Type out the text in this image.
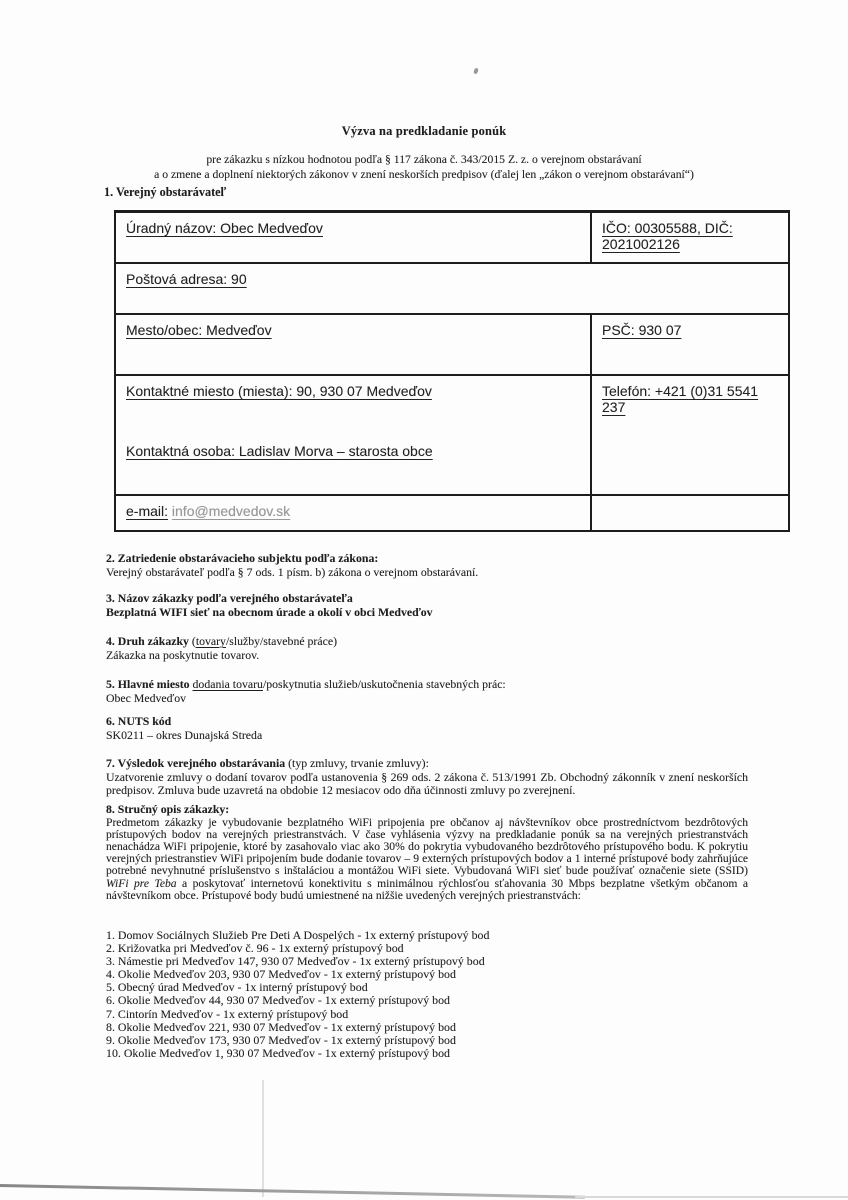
Výzva na predkladanie ponúk
pre zákazku s nízkou hodnotou podľa § 117 zákona č. 343/2015 Z. z. o verejnom obstarávaní
a o zmene a doplnení niektorých zákonov v znení neskorších predpisov (ďalej len „zákon o verejnom obstarávaní“)
1. Verejný obstarávateľ
Úradný názov: Obec Medveďov	IČO: 00305588, DIČ: 2021002126
Poštová adresa: 90
Mesto/obec: Medveďov	PSČ: 930 07
Kontaktné miesto (miesta): 90, 930 07 Medveďov
Kontaktná osoba: Ladislav Morva – starosta obce
Telefón: +421 (0)31 5541 237
e-mail: info@medvedov.sk
2. Zatriedenie obstarávacieho subjektu podľa zákona:
Verejný obstarávateľ podľa § 7 ods. 1 písm. b) zákona o verejnom obstarávaní.
3. Názov zákazky podľa verejného obstarávateľa
Bezplatná WIFI sieť na obecnom úrade a okolí v obci Medveďov
4. Druh zákazky (tovary/služby/stavebné práce)
Zákazka na poskytnutie tovarov.
5. Hlavné miesto dodania tovaru/poskytnutia služieb/uskutočnenia stavebných prác:
Obec Medveďov
6. NUTS kód
SK0211 – okres Dunajská Streda
7. Výsledok verejného obstarávania (typ zmluvy, trvanie zmluvy):
Uzatvorenie zmluvy o dodaní tovarov podľa ustanovenia § 269 ods. 2 zákona č. 513/1991 Zb. Obchodný zákonník v znení neskorších predpisov. Zmluva bude uzavretá na obdobie 12 mesiacov odo dňa účinnosti zmluvy po zverejnení.
8. Stručný opis zákazky:
Predmetom zákazky je vybudovanie bezplatného WiFi pripojenia pre občanov aj návštevníkov obce prostredníctvom bezdrôtových prístupových bodov na verejných priestranstvách. V čase vyhlásenia výzvy na predkladanie ponúk sa na verejných priestranstvách nenachádza WiFi pripojenie, ktoré by zasahovalo viac ako 30% do pokrytia vybudovaného bezdrôtového prístupového bodu. K pokrytiu verejných priestranstiev WiFi pripojením bude dodanie tovarov – 9 externých prístupových bodov a 1 interné prístupové body zahrňujúce potrebné nevyhnutné príslušenstvo s inštaláciou a montážou WiFi siete. Vybudovaná WiFi sieť bude používať označenie siete (SSID) WiFi pre Teba a poskytovať internetovú konektivitu s minimálnou rýchlosťou sťahovania 30 Mbps bezplatne všetkým občanom a návštevníkom obce. Prístupové body budú umiestnené na nižšie uvedených verejných priestranstvách:
1. Domov Sociálnych Služieb Pre Deti A Dospelých - 1x externý prístupový bod
2. Križovatka pri Medveďov č. 96 - 1x externý prístupový bod
3. Námestie pri Medveďov 147, 930 07 Medveďov - 1x externý prístupový bod
4. Okolie Medveďov 203, 930 07 Medveďov - 1x externý prístupový bod
5. Obecný úrad Medveďov - 1x interný prístupový bod
6. Okolie Medveďov 44, 930 07 Medveďov - 1x externý prístupový bod
7. Cintorín Medveďov - 1x externý prístupový bod
8. Okolie Medveďov 221, 930 07 Medveďov - 1x externý prístupový bod
9. Okolie Medveďov 173, 930 07 Medveďov - 1x externý prístupový bod
10. Okolie Medveďov 1, 930 07 Medveďov - 1x externý prístupový bod
